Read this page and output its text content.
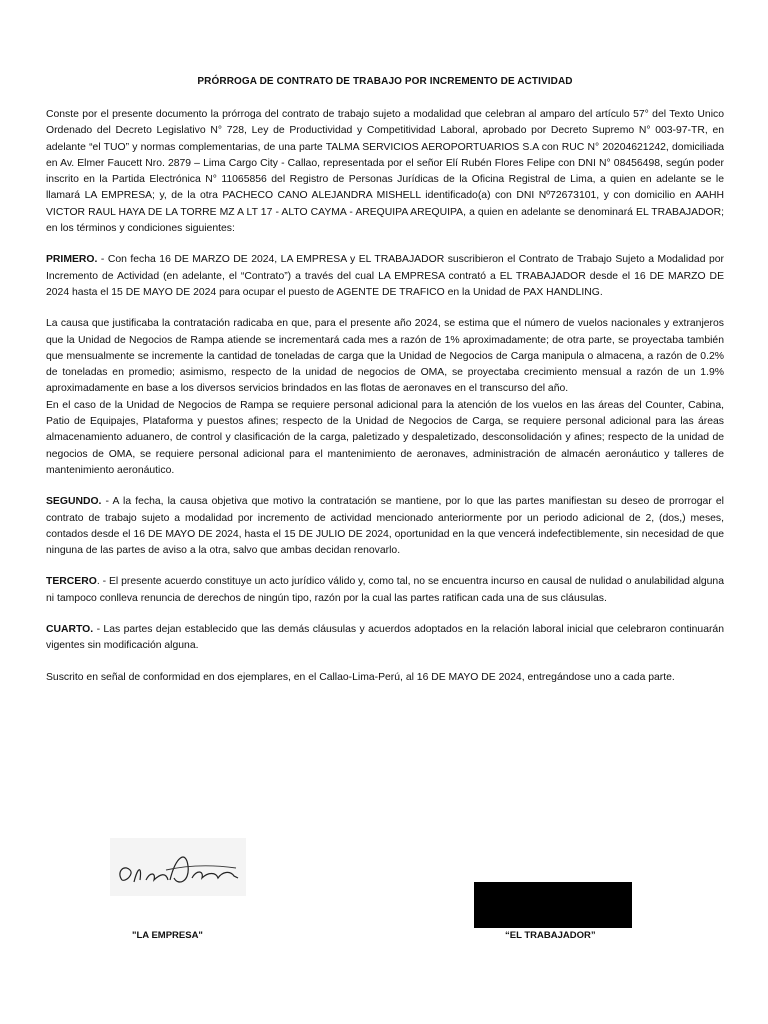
PRÓRROGA DE CONTRATO DE TRABAJO POR INCREMENTO DE ACTIVIDAD

Conste por el presente documento la prórroga del contrato de trabajo sujeto a modalidad que celebran al amparo del artículo 57° del Texto Unico Ordenado del Decreto Legislativo N° 728, Ley de Productividad y Competitividad Laboral, aprobado por Decreto Supremo N° 003-97-TR, en adelante “el TUO” y normas complementarias, de una parte TALMA SERVICIOS AEROPORTUARIOS S.A con RUC N° 20204621242, domiciliada en Av. Elmer Faucett Nro. 2879 – Lima Cargo City - Callao, representada por el señor Elí Rubén Flores Felipe con DNI N° 08456498, según poder inscrito en la Partida Electrónica N° 11065856 del Registro de Personas Jurídicas de la Oficina Registral de Lima, a quien en adelante se le llamará LA EMPRESA; y, de la otra PACHECO CANO ALEJANDRA MISHELL identificado(a) con DNI Nº72673101, y con domicilio en AAHH VICTOR RAUL HAYA DE LA TORRE MZ A LT 17 - ALTO CAYMA - AREQUIPA AREQUIPA, a quien en adelante se denominará EL TRABAJADOR; en los términos y condiciones siguientes:

PRIMERO. - Con fecha 16 DE MARZO DE 2024, LA EMPRESA y EL TRABAJADOR suscribieron el Contrato de Trabajo Sujeto a Modalidad por Incremento de Actividad (en adelante, el “Contrato”) a través del cual LA EMPRESA contrató a EL TRABAJADOR desde el 16 DE MARZO DE 2024 hasta el 15 DE MAYO DE 2024 para ocupar el puesto de AGENTE DE TRAFICO en la Unidad de PAX HANDLING.

La causa que justificaba la contratación radicaba en que, para el presente año 2024, se estima que el número de vuelos nacionales y extranjeros que la Unidad de Negocios de Rampa atiende se incrementará cada mes a razón de 1% aproximadamente; de otra parte, se proyectaba también que mensualmente se incremente la cantidad de toneladas de carga que la Unidad de Negocios de Carga manipula o almacena, a razón de 0.2% de toneladas en promedio; asimismo, respecto de la unidad de negocios de OMA, se proyectaba crecimiento mensual a razón de un 1.9% aproximadamente en base a los diversos servicios brindados en las flotas de aeronaves en el transcurso del año.

En el caso de la Unidad de Negocios de Rampa se requiere personal adicional para la atención de los vuelos en las áreas del Counter, Cabina, Patio de Equipajes, Plataforma y puestos afines; respecto de la Unidad de Negocios de Carga, se requiere personal adicional para las áreas almacenamiento aduanero, de control y clasificación de la carga, paletizado y despaletizado, desconsolidación y afines; respecto de la unidad de negocios de OMA, se requiere personal adicional para el mantenimiento de aeronaves, administración de almacén aeronáutico y talleres de mantenimiento aeronáutico.

SEGUNDO. - A la fecha, la causa objetiva que motivo la contratación se mantiene, por lo que las partes manifiestan su deseo de prorrogar el contrato de trabajo sujeto a modalidad por incremento de actividad mencionado anteriormente por un periodo adicional de 2, (dos,) meses, contados desde el 16 DE MAYO DE 2024, hasta el 15 DE JULIO DE 2024, oportunidad en la que vencerá indefectiblemente, sin necesidad de que ninguna de las partes de aviso a la otra, salvo que ambas decidan renovarlo.

TERCERO. - El presente acuerdo constituye un acto jurídico válido y, como tal, no se encuentra incurso en causal de nulidad o anulabilidad alguna ni tampoco conlleva renuncia de derechos de ningún tipo, razón por la cual las partes ratifican cada una de sus cláusulas.

CUARTO. - Las partes dejan establecido que las demás cláusulas y acuerdos adoptados en la relación laboral inicial que celebraron continuarán vigentes sin modificación alguna.

Suscrito en señal de conformidad en dos ejemplares, en el Callao-Lima-Perú, al 16 DE MAYO DE 2024, entregándose uno a cada parte.

"LA EMPRESA"	“EL TRABAJADOR”
